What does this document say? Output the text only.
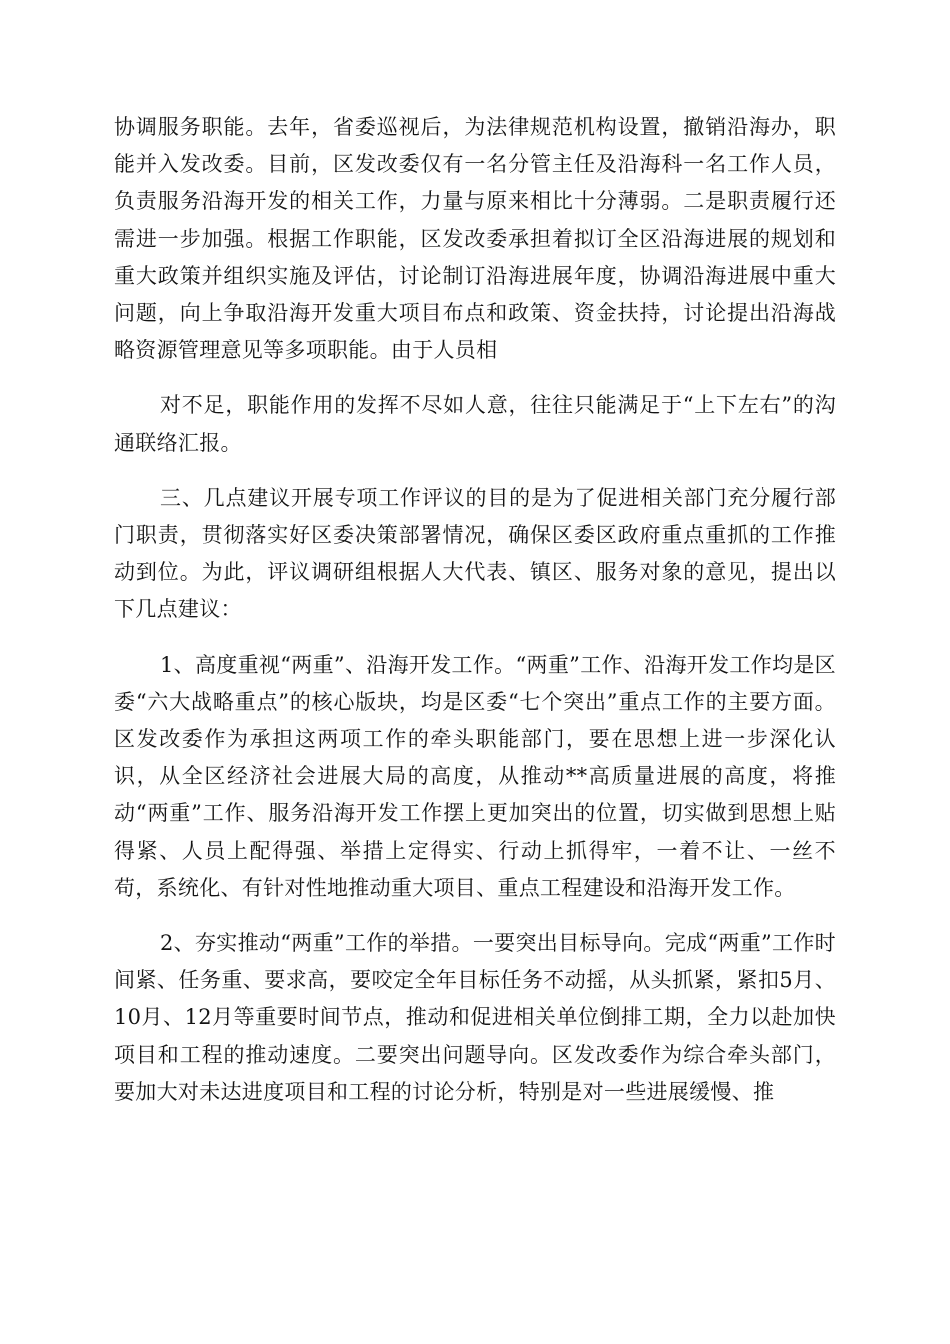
协调服务职能。去年，省委巡视后，为法律规范机构设置，撤销沿海办，职能并入发改委。目前，区发改委仅有一名分管主任及沿海科一名工作人员，负责服务沿海开发的相关工作，力量与原来相比十分薄弱。二是职责履行还需进一步加强。根据工作职能，区发改委承担着拟订全区沿海进展的规划和重大政策并组织实施及评估，讨论制订沿海进展年度，协调沿海进展中重大问题，向上争取沿海开发重大项目布点和政策、资金扶持，讨论提出沿海战略资源管理意见等多项职能。由于人员相

对不足，职能作用的发挥不尽如人意，往往只能满足于“上下左右”的沟通联络汇报。

三、几点建议开展专项工作评议的目的是为了促进相关部门充分履行部门职责，贯彻落实好区委决策部署情况，确保区委区政府重点重抓的工作推动到位。为此，评议调研组根据人大代表、镇区、服务对象的意见，提出以下几点建议：

1、高度重视“两重”、沿海开发工作。“两重”工作、沿海开发工作均是区委“六大战略重点”的核心版块，均是区委“七个突出”重点工作的主要方面。区发改委作为承担这两项工作的牵头职能部门，要在思想上进一步深化认识，从全区经济社会进展大局的高度，从推动**高质量进展的高度，将推动“两重”工作、服务沿海开发工作摆上更加突出的位置，切实做到思想上贴得紧、人员上配得强、举措上定得实、行动上抓得牢，一着不让、一丝不苟，系统化、有针对性地推动重大项目、重点工程建设和沿海开发工作。

2、夯实推动“两重”工作的举措。一要突出目标导向。完成“两重”工作时间紧、任务重、要求高，要咬定全年目标任务不动摇，从头抓紧，紧扣5月、10月、12月等重要时间节点，推动和促进相关单位倒排工期，全力以赴加快项目和工程的推动速度。二要突出问题导向。区发改委作为综合牵头部门，要加大对未达进度项目和工程的讨论分析，特别是对一些进展缓慢、推
